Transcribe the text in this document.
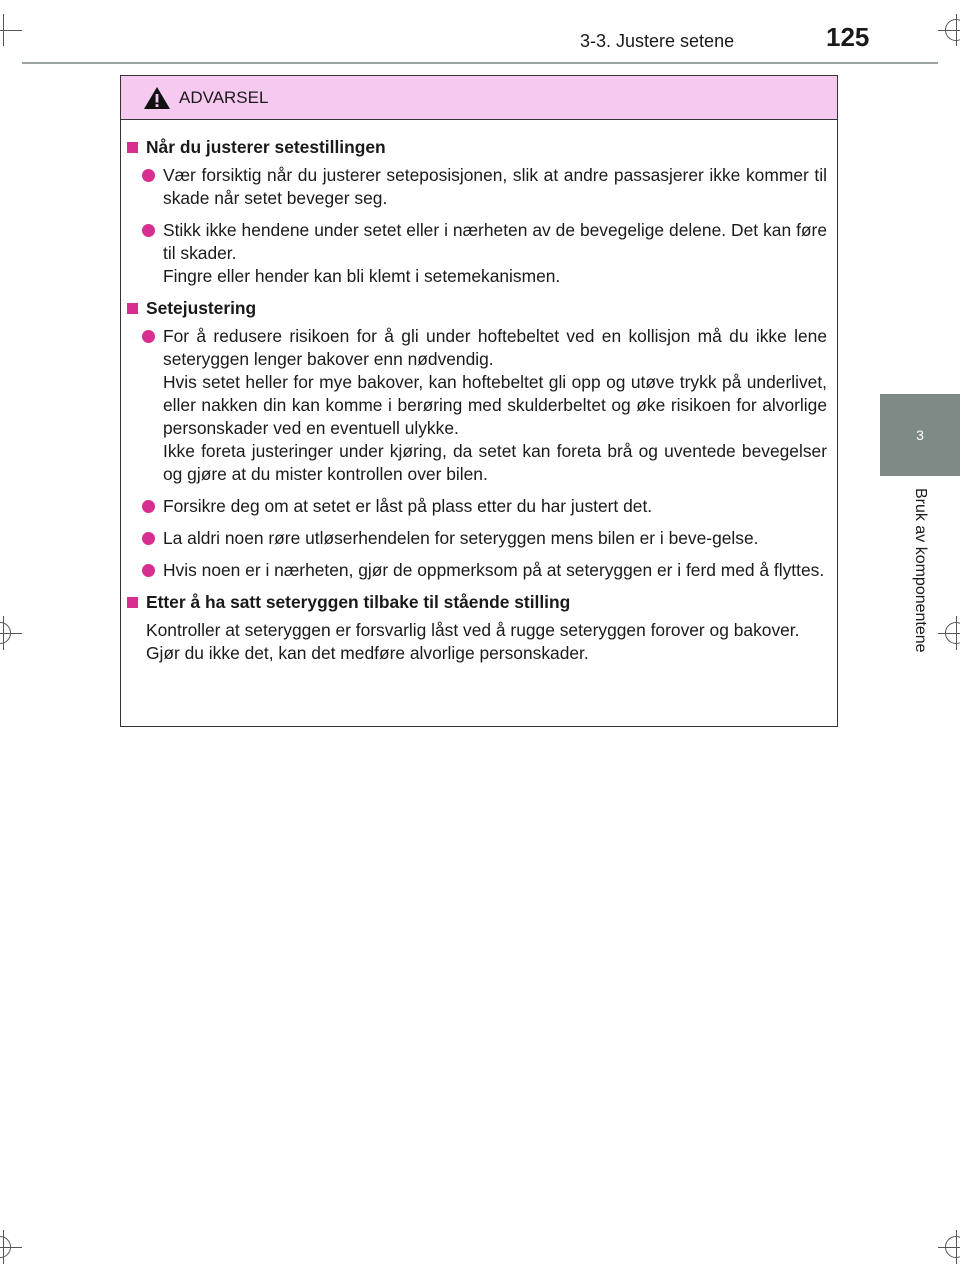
3-3. Justere setene	125
3
Bruk av komponentene
ADVARSEL
Når du justerer setestillingen
Vær forsiktig når du justerer seteposisjonen, slik at andre passasjerer ikke kommer til skade når setet beveger seg.
Stikk ikke hendene under setet eller i nærheten av de bevegelige delene. Det kan føre til skader.
Fingre eller hender kan bli klemt i setemekanismen.
Setejustering
For å redusere risikoen for å gli under hoftebeltet ved en kollisjon må du ikke lene seteryggen lenger bakover enn nødvendig.
Hvis setet heller for mye bakover, kan hoftebeltet gli opp og utøve trykk på underlivet, eller nakken din kan komme i berøring med skulderbeltet og øke risikoen for alvorlige personskader ved en eventuell ulykke.
Ikke foreta justeringer under kjøring, da setet kan foreta brå og uventede bevegelser og gjøre at du mister kontrollen over bilen.
Forsikre deg om at setet er låst på plass etter du har justert det.
La aldri noen røre utløserhendelen for seteryggen mens bilen er i beve-gelse.
Hvis noen er i nærheten, gjør de oppmerksom på at seteryggen er i ferd med å flyttes.
Etter å ha satt seteryggen tilbake til stående stilling
Kontroller at seteryggen er forsvarlig låst ved å rugge seteryggen forover og bakover. Gjør du ikke det, kan det medføre alvorlige personskader.
